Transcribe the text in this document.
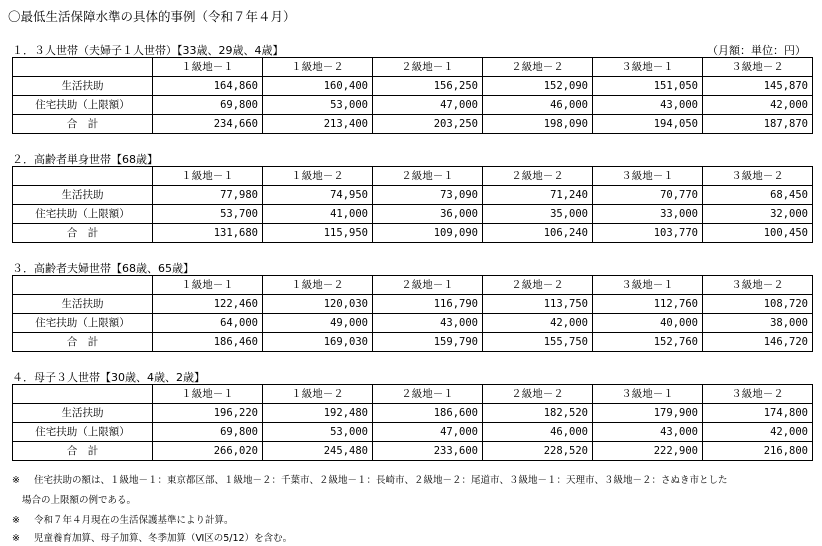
〇最低生活保障水準の具体的事例（令和７年４月）
１．３人世帯（夫婦子１人世帯）【33歳、29歳、4歳】	（月額：単位：円）
	１級地－１	１級地－２	２級地－１	２級地－２	３級地－１	３級地－２
生活扶助	164,860	160,400	156,250	152,090	151,050	145,870
住宅扶助（上限額）	69,800	53,000	47,000	46,000	43,000	42,000
合　計	234,660	213,400	203,250	198,090	194,050	187,870
２．高齢者単身世帯【68歳】
	１級地－１	１級地－２	２級地－１	２級地－２	３級地－１	３級地－２
生活扶助	77,980	74,950	73,090	71,240	70,770	68,450
住宅扶助（上限額）	53,700	41,000	36,000	35,000	33,000	32,000
合　計	131,680	115,950	109,090	106,240	103,770	100,450
３．高齢者夫婦世帯【68歳、65歳】
	１級地－１	１級地－２	２級地－１	２級地－２	３級地－１	３級地－２
生活扶助	122,460	120,030	116,790	113,750	112,760	108,720
住宅扶助（上限額）	64,000	49,000	43,000	42,000	40,000	38,000
合　計	186,460	169,030	159,790	155,750	152,760	146,720
４．母子３人世帯【30歳、4歳、2歳】
	１級地－１	１級地－２	２級地－１	２級地－２	３級地－１	３級地－２
生活扶助	196,220	192,480	186,600	182,520	179,900	174,800
住宅扶助（上限額）	69,800	53,000	47,000	46,000	43,000	42,000
合　計	266,020	245,480	233,600	228,520	222,900	216,800
※ 住宅扶助の額は、１級地－１：東京都区部、１級地－２：千葉市、２級地－１：長崎市、２級地－２：尾道市、３級地－１：天理市、３級地－２：さぬき市とした
場合の上限額の例である。
※ 令和７年４月現在の生活保護基準により計算。
※ 児童養育加算、母子加算、冬季加算（Ⅵ区の5/12）を含む。
